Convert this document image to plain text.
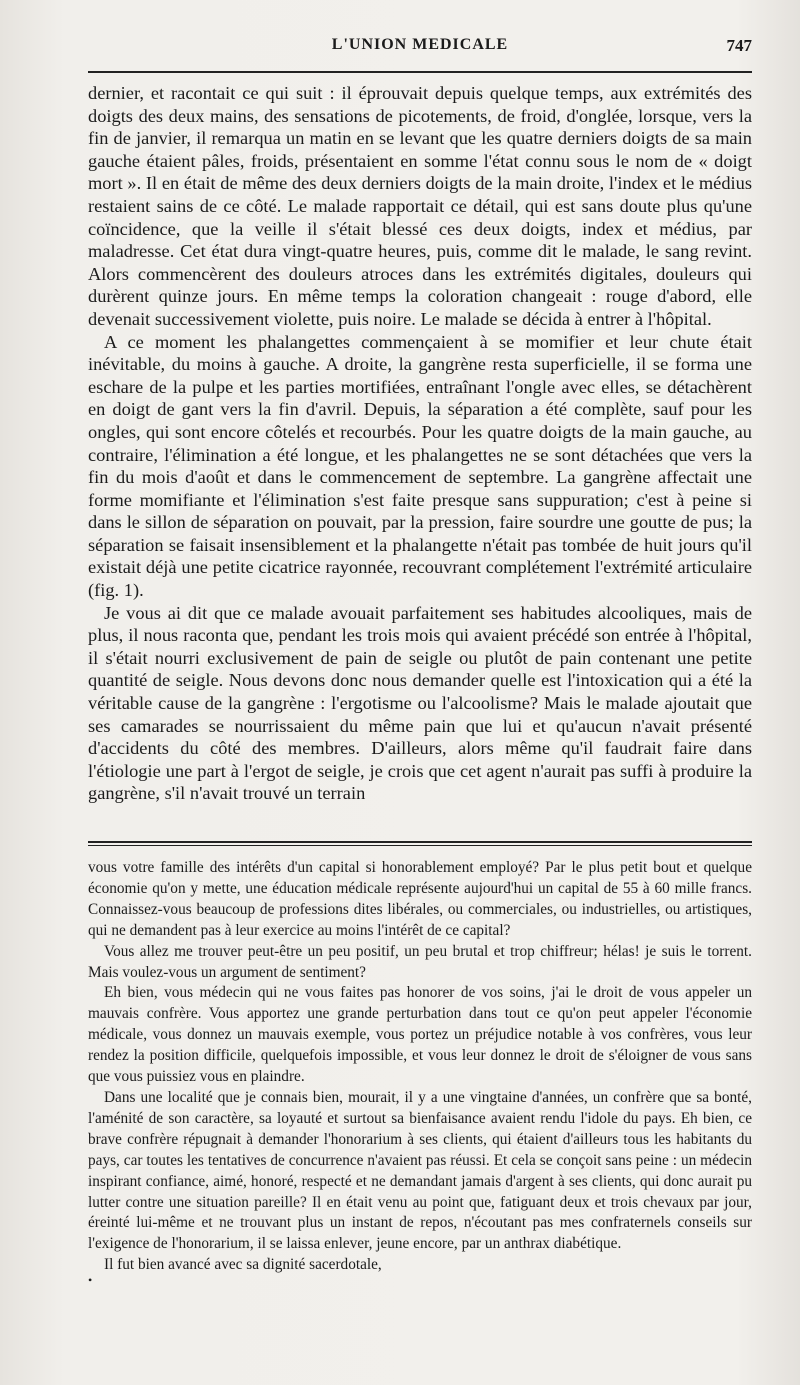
L'UNION MEDICALE	747

dernier, et racontait ce qui suit : il éprouvait depuis quelque temps, aux extrémités des doigts des deux mains, des sensations de picotements, de froid, d'onglée, lorsque, vers la fin de janvier, il remarqua un matin en se levant que les quatre derniers doigts de sa main gauche étaient pâles, froids, présentaient en somme l'état connu sous le nom de « doigt mort ». Il en était de même des deux derniers doigts de la main droite, l'index et le médius restaient sains de ce côté. Le malade rapportait ce détail, qui est sans doute plus qu'une coïncidence, que la veille il s'était blessé ces deux doigts, index et médius, par maladresse. Cet état dura vingt-quatre heures, puis, comme dit le malade, le sang revint. Alors commencèrent des douleurs atroces dans les extrémités digitales, douleurs qui durèrent quinze jours. En même temps la coloration changeait : rouge d'abord, elle devenait successivement violette, puis noire. Le malade se décida à entrer à l'hôpital.

A ce moment les phalangettes commençaient à se momifier et leur chute était inévitable, du moins à gauche. A droite, la gangrène resta superficielle, il se forma une eschare de la pulpe et les parties mortifiées, entraînant l'ongle avec elles, se détachèrent en doigt de gant vers la fin d'avril. Depuis, la séparation a été complète, sauf pour les ongles, qui sont encore côtelés et recourbés. Pour les quatre doigts de la main gauche, au contraire, l'élimination a été longue, et les phalangettes ne se sont détachées que vers la fin du mois d'août et dans le commencement de septembre. La gangrène affectait une forme momifiante et l'élimination s'est faite presque sans suppuration; c'est à peine si dans le sillon de séparation on pouvait, par la pression, faire sourdre une goutte de pus; la séparation se faisait insensiblement et la phalangette n'était pas tombée de huit jours qu'il existait déjà une petite cicatrice rayonnée, recouvrant complétement l'extrémité articulaire (fig. 1).

Je vous ai dit que ce malade avouait parfaitement ses habitudes alcooliques, mais de plus, il nous raconta que, pendant les trois mois qui avaient précédé son entrée à l'hôpital, il s'était nourri exclusivement de pain de seigle ou plutôt de pain contenant une petite quantité de seigle. Nous devons donc nous demander quelle est l'intoxication qui a été la véritable cause de la gangrène : l'ergotisme ou l'alcoolisme? Mais le malade ajoutait que ses camarades se nourrissaient du même pain que lui et qu'aucun n'avait présenté d'accidents du côté des membres. D'ailleurs, alors même qu'il faudrait faire dans l'étiologie une part à l'ergot de seigle, je crois que cet agent n'aurait pas suffi à produire la gangrène, s'il n'avait trouvé un terrain

vous votre famille des intérêts d'un capital si honorablement employé? Par le plus petit bout et quelque économie qu'on y mette, une éducation médicale représente aujourd'hui un capital de 55 à 60 mille francs. Connaissez-vous beaucoup de professions dites libérales, ou commerciales, ou industrielles, ou artistiques, qui ne demandent pas à leur exercice au moins l'intérêt de ce capital?

Vous allez me trouver peut-être un peu positif, un peu brutal et trop chiffreur; hélas! je suis le torrent. Mais voulez-vous un argument de sentiment?

Eh bien, vous médecin qui ne vous faites pas honorer de vos soins, j'ai le droit de vous appeler un mauvais confrère. Vous apportez une grande perturbation dans tout ce qu'on peut appeler l'économie médicale, vous donnez un mauvais exemple, vous portez un préjudice notable à vos confrères, vous leur rendez la position difficile, quelquefois impossible, et vous leur donnez le droit de s'éloigner de vous sans que vous puissiez vous en plaindre.

Dans une localité que je connais bien, mourait, il y a une vingtaine d'années, un confrère que sa bonté, l'aménité de son caractère, sa loyauté et surtout sa bienfaisance avaient rendu l'idole du pays. Eh bien, ce brave confrère répugnait à demander l'honorarium à ses clients, qui étaient d'ailleurs tous les habitants du pays, car toutes les tentatives de concurrence n'avaient pas réussi. Et cela se conçoit sans peine : un médecin inspirant confiance, aimé, honoré, respecté et ne demandant jamais d'argent à ses clients, qui donc aurait pu lutter contre une situation pareille? Il en était venu au point que, fatiguant deux et trois chevaux par jour, éreinté lui-même et ne trouvant plus un instant de repos, n'écoutant pas mes confraternels conseils sur l'exigence de l'honorarium, il se laissa enlever, jeune encore, par un anthrax diabétique.

Il fut bien avancé avec sa dignité sacerdotale,

•
